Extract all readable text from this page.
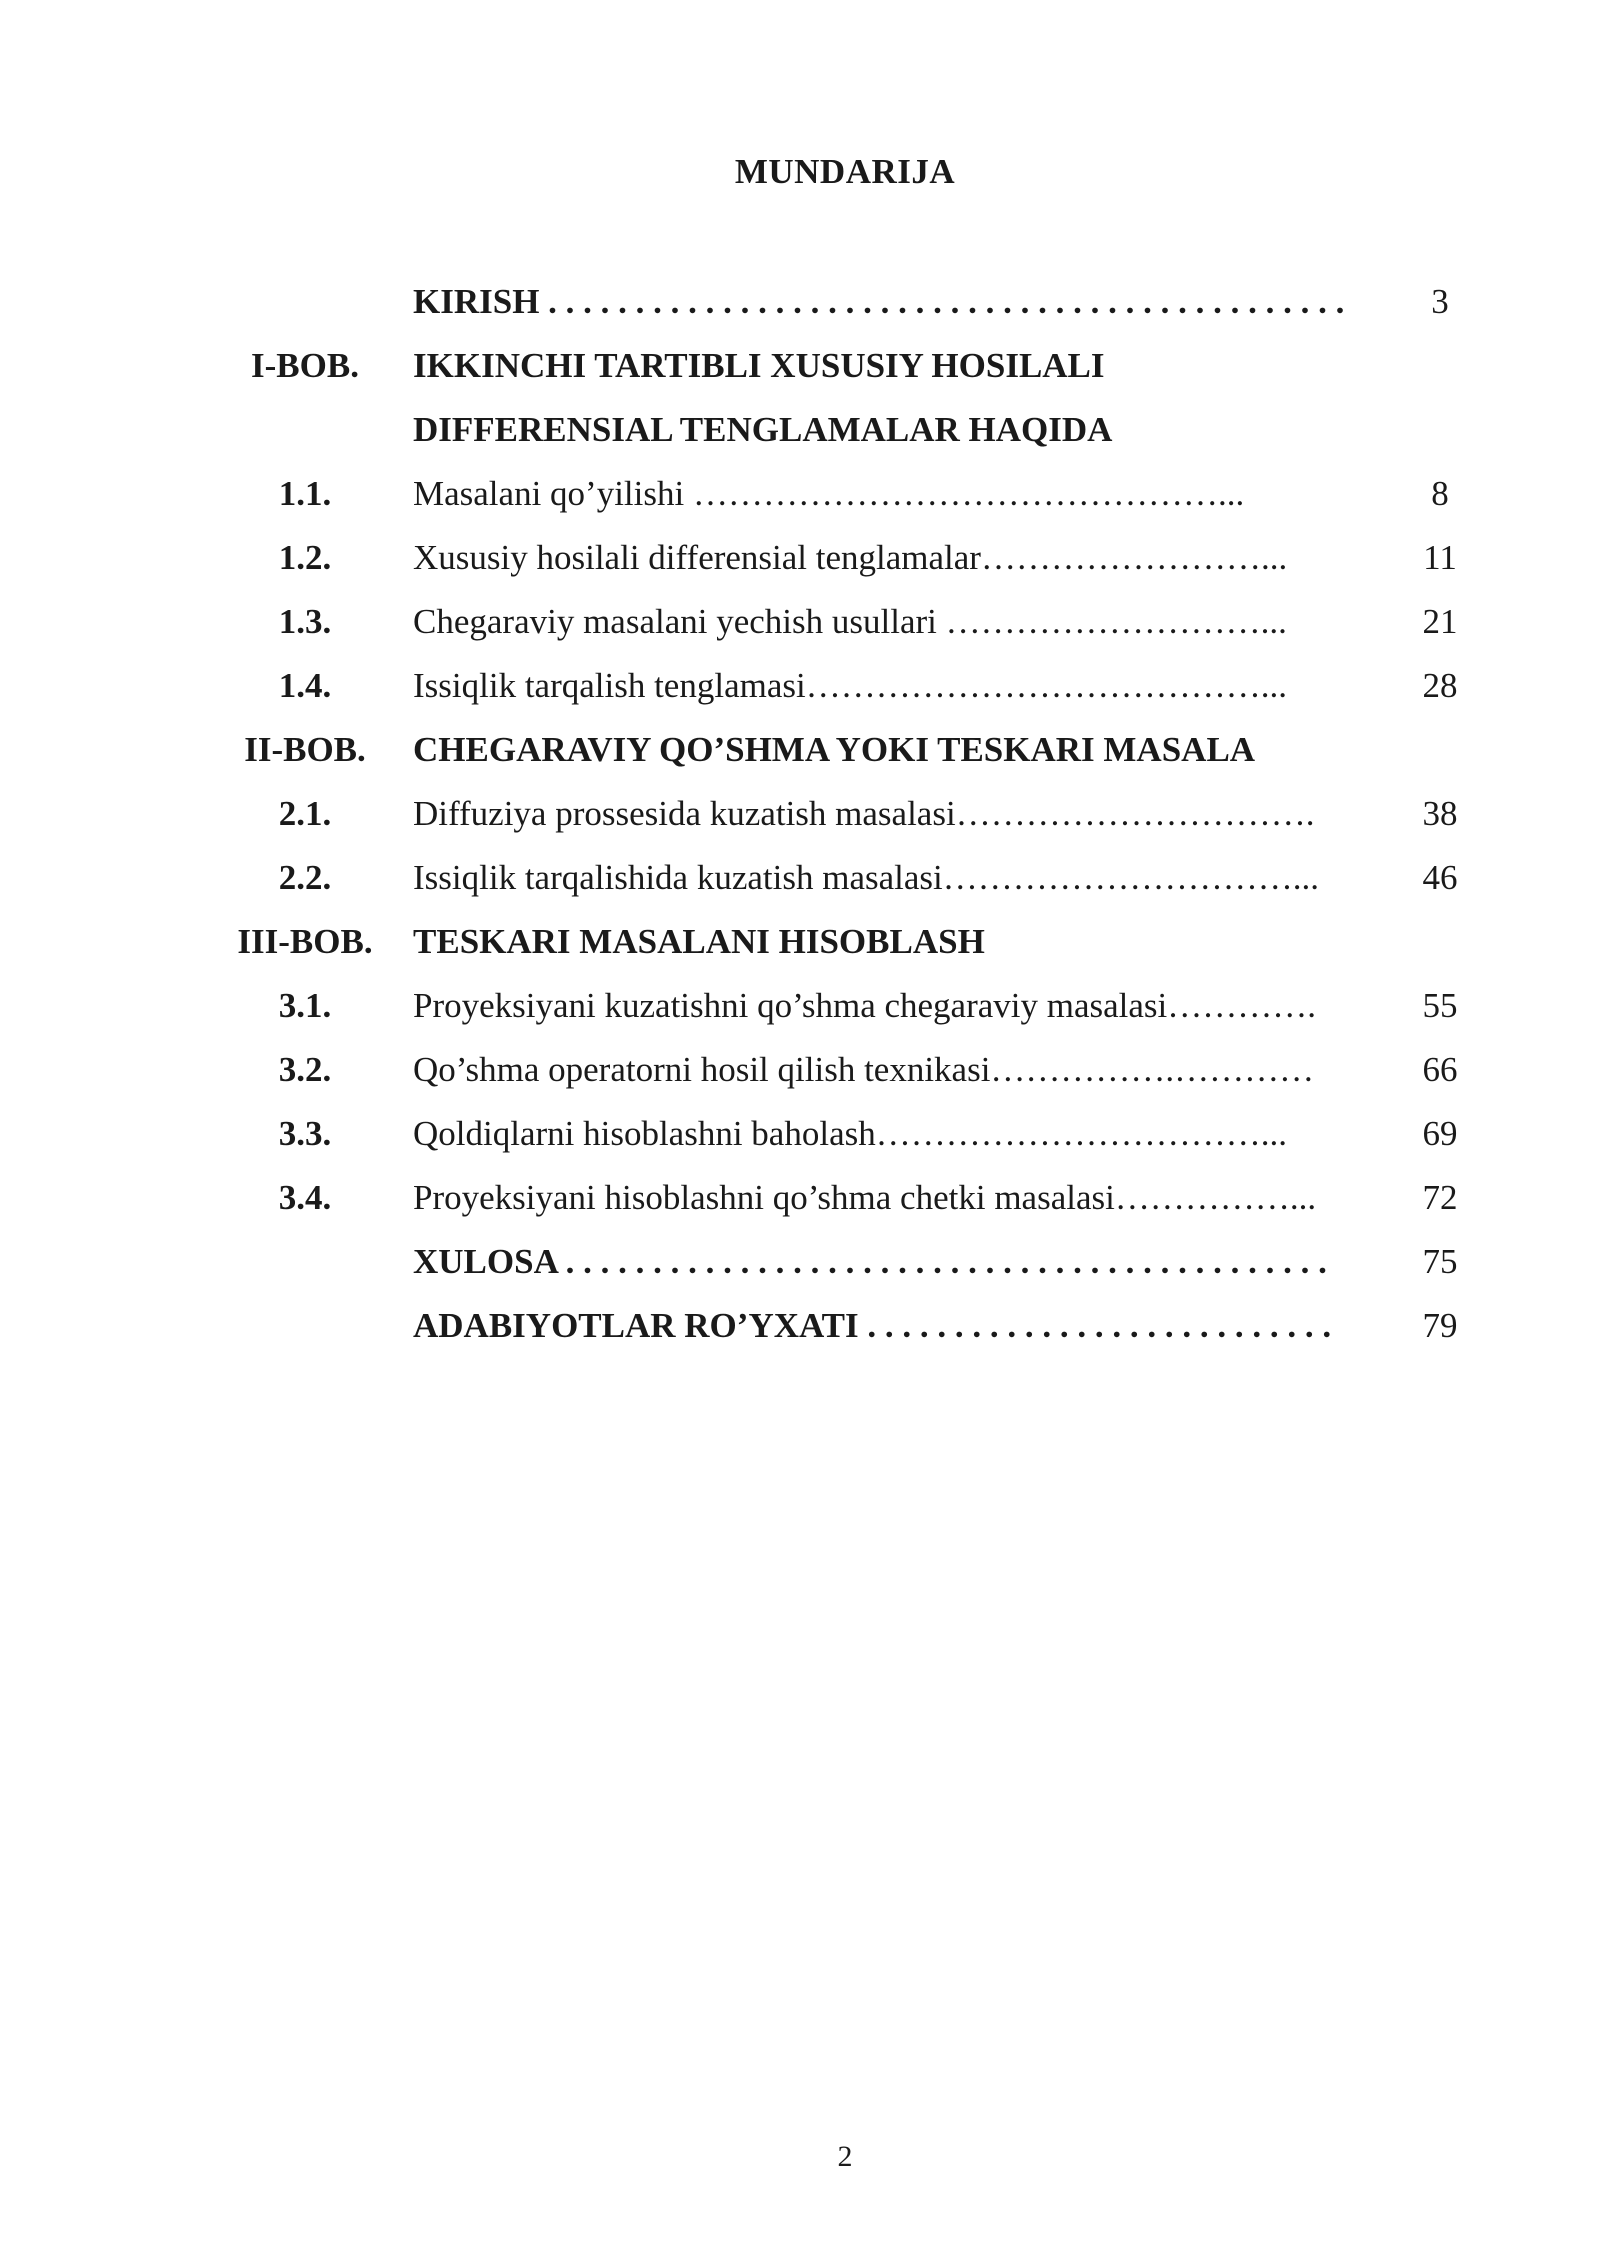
MUNDARIJA
KIRISH . . . . . . . . . . . . . . . . . . . . . . . . . . . . . . . . . . . . . . . . . . . . . .	3
I-BOB.	IKKINCHI TARTIBLI XUSUSIY HOSILALI
DIFFERENSIAL TENGLAMALAR HAQIDA
1.1.	Masalani qo’yilishi ………………………………………...	8
1.2.	Xususiy hosilali differensial tenglamalar……………………...	11
1.3.	Chegaraviy masalani yechish usullari ………………………...	21
1.4.	Issiqlik tarqalish tenglamasi…………………………………...	28
II-BOB.	CHEGARAVIY QO’SHMA YOKI TESKARI MASALA
2.1.	Diffuziya prossesida kuzatish masalasi………………………….	38
2.2.	Issiqlik tarqalishida kuzatish masalasi…………………………...	46
III-BOB.	TESKARI MASALANI HISOBLASH
3.1.	Proyeksiyani kuzatishni qo’shma chegaraviy masalasi………….	55
3.2.	Qo’shma operatorni hosil qilish texnikasi…………….…………	66
3.3.	Qoldiqlarni hisoblashni baholash……………………………...	69
3.4.	Proyeksiyani hisoblashni qo’shma chetki masalasi……………...	72
XULOSA . . . . . . . . . . . . . . . . . . . . . . . . . . . . . . . . . . . . . . . . . . . .	75
ADABIYOTLAR RO’YXATI . . . . . . . . . . . . . . . . . . . . . . . . . . .	79
2
